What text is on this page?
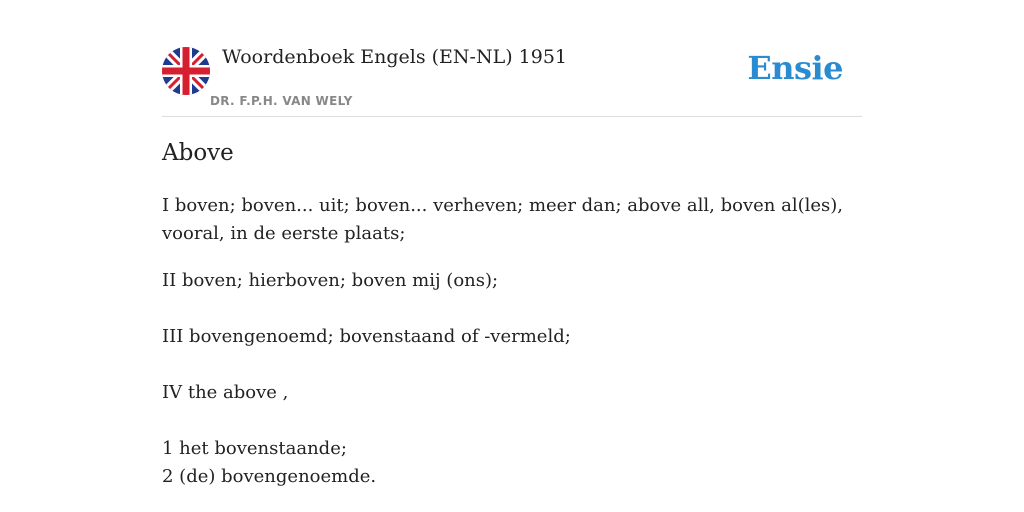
Woordenboek Engels (EN-NL) 1951
DR. F.P.H. VAN WELY
Ensie
Above

I boven; boven... uit; boven... verheven; meer dan; above all, boven al(les), vooral, in de eerste plaats;

II boven; hierboven; boven mij (ons);

III bovengenoemd; bovenstaand of -vermeld;

IV the above ,

1 het bovenstaande;

2 (de) bovengenoemde.
